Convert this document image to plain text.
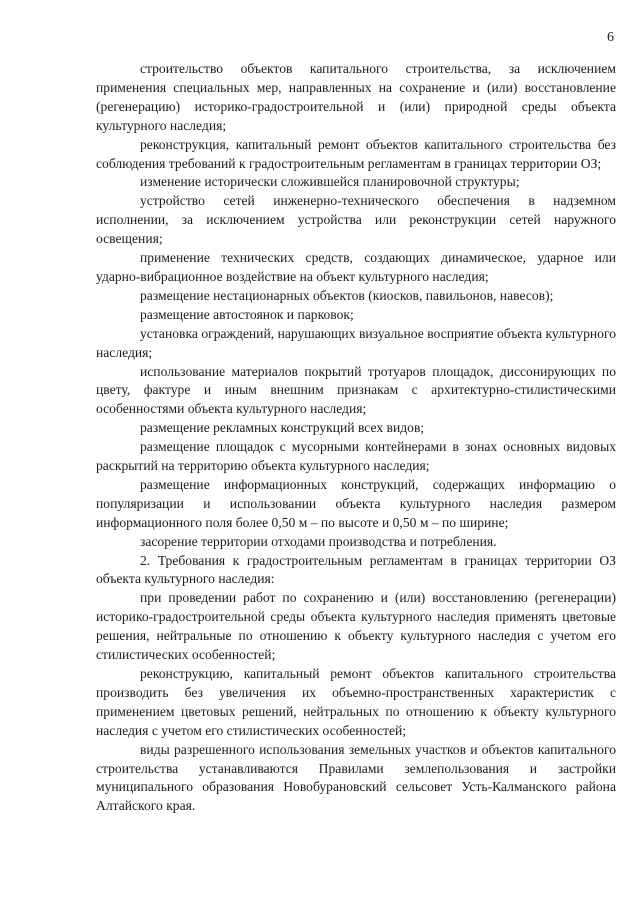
6

строительство объектов капитального строительства, за исключением применения специальных мер, направленных на сохранение и (или) восстановление (регенерацию) историко-градостроительной и (или) природной среды объекта культурного наследия;

реконструкция, капитальный ремонт объектов капитального строительства без соблюдения требований к градостроительным регламентам в границах территории ОЗ;

изменение исторически сложившейся планировочной структуры;

устройство сетей инженерно-технического обеспечения в надземном исполнении, за исключением устройства или реконструкции сетей наружного освещения;

применение технических средств, создающих динамическое, ударное или ударно-вибрационное воздействие на объект культурного наследия;

размещение нестационарных объектов (киосков, павильонов, навесов);

размещение автостоянок и парковок;

установка ограждений, нарушающих визуальное восприятие объекта культурного наследия;

использование материалов покрытий тротуаров площадок, диссонирующих по цвету, фактуре и иным внешним признакам с архитектурно-стилистическими особенностями объекта культурного наследия;

размещение рекламных конструкций всех видов;

размещение площадок с мусорными контейнерами в зонах основных видовых раскрытий на территорию объекта культурного наследия;

размещение информационных конструкций, содержащих информацию о популяризации и использовании объекта культурного наследия размером информационного поля более 0,50 м – по высоте и 0,50 м – по ширине;

засорение территории отходами производства и потребления.

2. Требования к градостроительным регламентам в границах территории ОЗ объекта культурного наследия:

при проведении работ по сохранению и (или) восстановлению (регенерации) историко-градостроительной среды объекта культурного наследия применять цветовые решения, нейтральные по отношению к объекту культурного наследия с учетом его стилистических особенностей;

реконструкцию, капитальный ремонт объектов капитального строительства производить без увеличения их объемно-пространственных характеристик с применением цветовых решений, нейтральных по отношению к объекту культурного наследия с учетом его стилистических особенностей;

виды разрешенного использования земельных участков и объектов капитального строительства устанавливаются Правилами землепользования и застройки муниципального образования Новобурановский сельсовет Усть-Калманского района Алтайского края.
